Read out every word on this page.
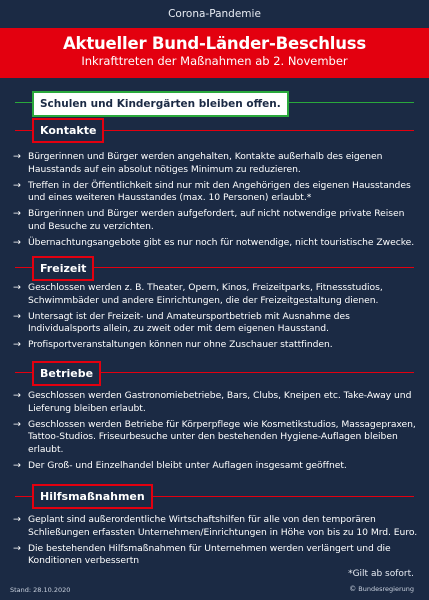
Corona-Pandemie
Aktueller Bund-Länder-Beschluss
Inkrafttreten der Maßnahmen ab 2. November
Schulen und Kindergärten bleiben offen.
Kontakte
→ Bürgerinnen und Bürger werden angehalten, Kontakte außerhalb des eigenen Hausstands auf ein absolut nötiges Minimum zu reduzieren.
→ Treffen in der Öffentlichkeit sind nur mit den Angehörigen des eigenen Hausstandes und eines weiteren Hausstandes (max. 10 Personen) erlaubt.*
→ Bürgerinnen und Bürger werden aufgefordert, auf nicht notwendige private Reisen und Besuche zu verzichten.
→ Übernachtungsangebote gibt es nur noch für notwendige, nicht touristische Zwecke.
Freizeit
→ Geschlossen werden z. B. Theater, Opern, Kinos, Freizeitparks, Fitnessstudios, Schwimmbäder und andere Einrichtungen, die der Freizeitgestaltung dienen.
→ Untersagt ist der Freizeit- und Amateursportbetrieb mit Ausnahme des Individualsports allein, zu zweit oder mit dem eigenen Hausstand.
→ Profisportveranstaltungen können nur ohne Zuschauer stattfinden.
Betriebe
→ Geschlossen werden Gastronomiebetriebe, Bars, Clubs, Kneipen etc. Take-Away und Lieferung bleiben erlaubt.
→ Geschlossen werden Betriebe für Körperpflege wie Kosmetikstudios, Massagepraxen, Tattoo-Studios. Friseurbesuche unter den bestehenden Hygiene-Auflagen bleiben erlaubt.
→ Der Groß- und Einzelhandel bleibt unter Auflagen insgesamt geöffnet.
Hilfsmaßnahmen
→ Geplant sind außerordentliche Wirtschaftshilfen für alle von den temporären Schließungen erfassten Unternehmen/Einrichtungen in Höhe von bis zu 10 Mrd. Euro.
→ Die bestehenden Hilfsmaßnahmen für Unternehmen werden verlängert und die Konditionen verbessertn
*Gilt ab sofort.
Stand: 28.10.2020	© Bundesregierung
